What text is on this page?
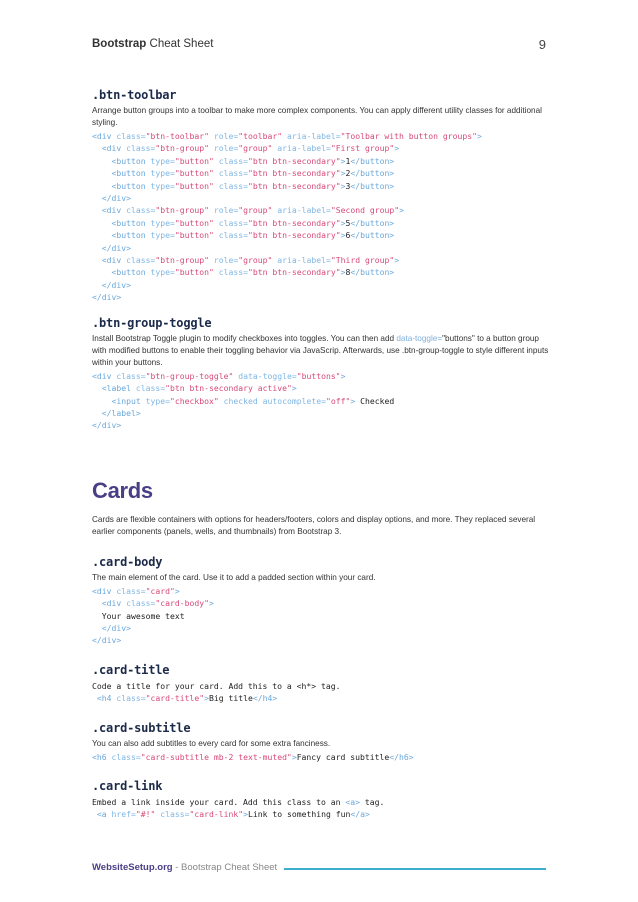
Bootstrap Cheat Sheet	9
.btn-toolbar
Arrange button groups into a toolbar to make more complex components. You can apply different utility classes for additional styling.
<div class="btn-toolbar" role="toolbar" aria-label="Toolbar with button groups">
<div class="btn-group" role="group" aria-label="First group">
<button type="button" class="btn btn-secondary">1</button>
<button type="button" class="btn btn-secondary">2</button>
<button type="button" class="btn btn-secondary">3</button>
</div>
<div class="btn-group" role="group" aria-label="Second group">
<button type="button" class="btn btn-secondary">5</button>
<button type="button" class="btn btn-secondary">6</button>
</div>
<div class="btn-group" role="group" aria-label="Third group">
<button type="button" class="btn btn-secondary">8</button>
</div>
</div>
.btn-group-toggle
Install Bootstrap Toggle plugin to modify checkboxes into toggles. You can then add data-toggle="buttons" to a button group with modified buttons to enable their toggling behavior via JavaScrip. Afterwards, use .btn-group-toggle to style different inputs within your buttons.
<div class="btn-group-toggle" data-toggle="buttons">
<label class="btn btn-secondary active">
<input type="checkbox" checked autocomplete="off"> Checked
</label>
</div>
Cards
Cards are flexible containers with options for headers/footers, colors and display options, and more. They replaced several earlier components (panels, wells, and thumbnails) from Bootstrap 3.
.card-body
The main element of the card. Use it to add a padded section within your card.
<div class="card">
<div class="card-body">
Your awesome text
</div>
</div>
.card-title
Code a title for your card. Add this to a <h*> tag.
<h4 class="card-title">Big title</h4>
.card-subtitle
You can also add subtitles to every card for some extra fanciness.
<h6 class="card-subtitle mb-2 text-muted">Fancy card subtitle</h6>
.card-link
Embed a link inside your card. Add this class to an <a> tag.
<a href="#!" class="card-link">Link to something fun</a>
WebsiteSetup.org - Bootstrap Cheat Sheet
